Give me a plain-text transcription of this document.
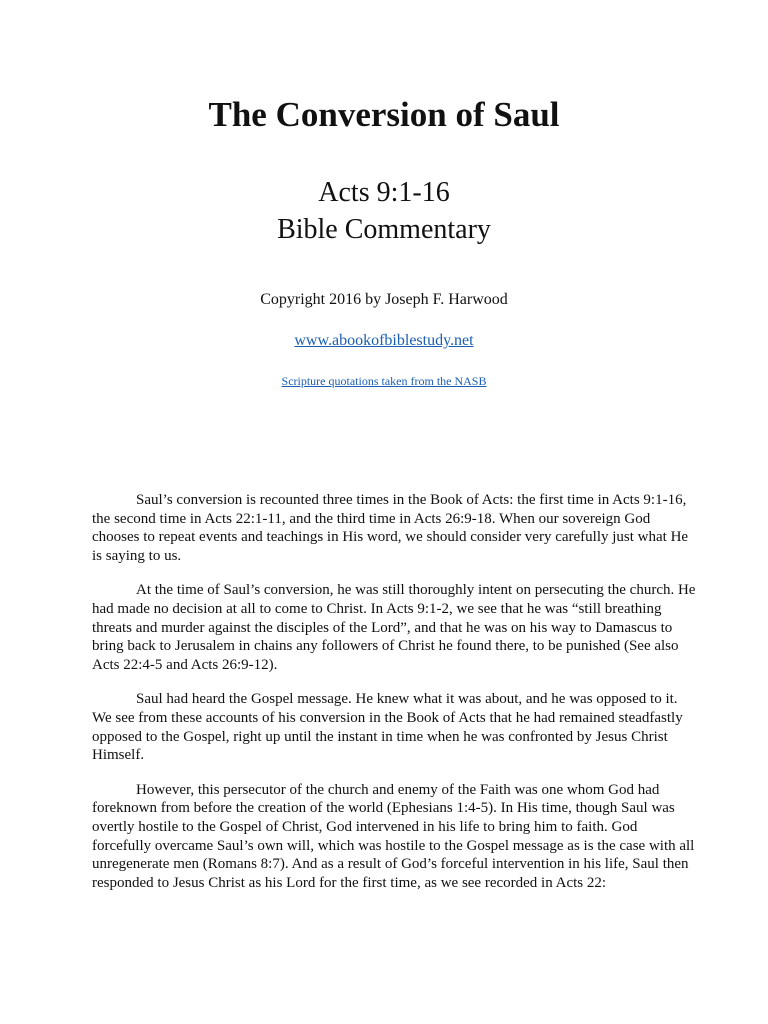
The Conversion of Saul
Acts 9:1-16
Bible Commentary
Copyright 2016 by Joseph F. Harwood
www.abookofbiblestudy.net
Scripture quotations taken from the NASB

Saul’s conversion is recounted three times in the Book of Acts: the first time in Acts 9:1-16, the second time in Acts 22:1-11, and the third time in Acts 26:9-18. When our sovereign God chooses to repeat events and teachings in His word, we should consider very carefully just what He is saying to us.

At the time of Saul’s conversion, he was still thoroughly intent on persecuting the church. He had made no decision at all to come to Christ. In Acts 9:1-2, we see that he was “still breathing threats and murder against the disciples of the Lord”, and that he was on his way to Damascus to bring back to Jerusalem in chains any followers of Christ he found there, to be punished (See also Acts 22:4-5 and Acts 26:9-12).

Saul had heard the Gospel message. He knew what it was about, and he was opposed to it. We see from these accounts of his conversion in the Book of Acts that he had remained steadfastly opposed to the Gospel, right up until the instant in time when he was confronted by Jesus Christ Himself.

However, this persecutor of the church and enemy of the Faith was one whom God had foreknown from before the creation of the world (Ephesians 1:4-5). In His time, though Saul was overtly hostile to the Gospel of Christ, God intervened in his life to bring him to faith. God forcefully overcame Saul’s own will, which was hostile to the Gospel message as is the case with all unregenerate men (Romans 8:7). And as a result of God’s forceful intervention in his life, Saul then responded to Jesus Christ as his Lord for the first time, as we see recorded in Acts 22:
